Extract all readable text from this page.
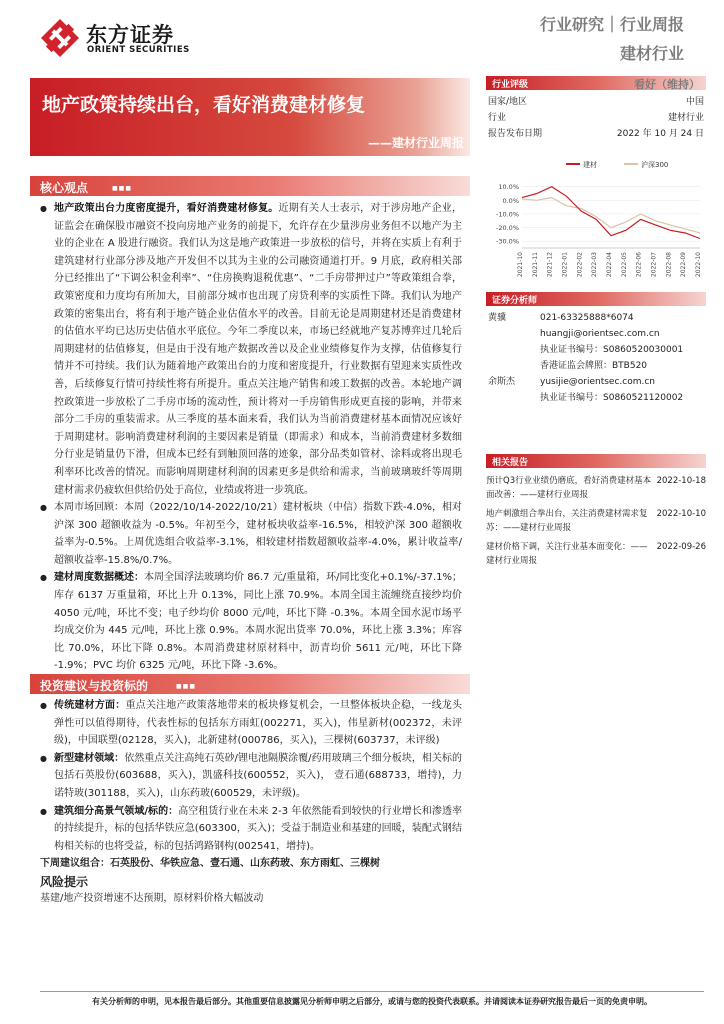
东方证券
ORIENT SECURITIES
行业研究｜行业周报
建材行业
地产政策持续出台，看好消费建材修复
——建材行业周报
核心观点	■■■
● 地产政策出台力度密度提升，看好消费建材修复。近期有关人士表示，对于涉房地产企业，证监会在确保股市融资不投向房地产业务的前提下，允许存在少量涉房业务但不以地产为主业的企业在 A 股进行融资。我们认为这是地产政策进一步放松的信号，并将在实质上有利于建筑建材行业部分涉及地产开发但不以其为主业的公司融资通道打开。9 月底，政府相关部分已经推出了“下调公积金利率”、“住房换购退税优惠”、“二手房带押过户”等政策组合拳，政策密度和力度均有所加大，目前部分城市也出现了房贷利率的实质性下降。我们认为地产政策的密集出台，将有利于地产链企业估值水平的改善。目前无论是周期建材还是消费建材的估值水平均已达历史估值水平底位。今年二季度以来，市场已经就地产复苏博弈过几轮后周期建材的估值修复，但是由于没有地产数据改善以及企业业绩修复作为支撑，估值修复行情并不可持续。我们认为随着地产政策出台的力度和密度提升，行业数据有望迎来实质性改善，后续修复行情可持续性将有所提升。重点关注地产销售和竣工数据的改善。本轮地产调控政策进一步放松了二手房市场的流动性，预计将对一手房销售形成更直接的影响，并带来部分二手房的重装需求。从三季度的基本面来看，我们认为当前消费建材基本面情况应该好于周期建材。影响消费建材利润的主要因素是销量（即需求）和成本，当前消费建材多数细分行业是销量仍下滑，但成本已经有到触顶回落的迹象，部分品类如管材、涂料或将出现毛利率环比改善的情况。而影响周期建材利润的因素更多是供给和需求，当前玻璃玻纤等周期建材需求仍疲软但供给仍处于高位，业绩或将进一步筑底。
● 本周市场回顾：本周（2022/10/14-2022/10/21）建材板块（中信）指数下跌-4.0%，相对沪深 300 超额收益为 -0.5%。年初至今，建材板块收益率-16.5%，相较沪深 300 超额收益率为-0.5%。上周优选组合收益率-3.1%，相较建材指数超额收益率-4.0%，累计收益率/超额收益率-15.8%/0.7%。
● 建材周度数据概述：本周全国浮法玻璃均价 86.7 元/重量箱，环/同比变化+0.1%/-37.1%；库存 6137 万重量箱，环比上升 0.13%，同比上涨 70.9%。本周全国主流缠绕直接纱均价 4050 元/吨，环比不变；电子纱均价 8000 元/吨，环比下降 -0.3%。本周全国水泥市场平均成交价为 445 元/吨，环比上涨 0.9%。本周水泥出货率 70.0%，环比上涨 3.3%；库容比 70.0%，环比下降 0.8%。本周消费建材原材料中，沥青均价 5611 元/吨，环比下降 -1.9%；PVC 均价 6325 元/吨，环比下降 -3.6%。
投资建议与投资标的	■■■
● 传统建材方面：重点关注地产政策落地带来的板块修复机会，一旦整体板块企稳，一线龙头弹性可以值得期待，代表性标的包括东方雨虹(002271，买入)，伟星新材(002372，未评级)，中国联塑(02128，买入)，北新建材(000786，买入)，三棵树(603737，未评级)
● 新型建材领域：依然重点关注高纯石英砂/锂电池隔膜涂覆/药用玻璃三个细分板块，相关标的包括石英股份(603688，买入)，凯盛科技(600552，买入)， 壹石通(688733，增持)，力诺特玻(301188，买入)，山东药玻(600529，未评级)。
● 建筑细分高景气领域/标的：高空租赁行业在未来 2-3 年依然能看到较快的行业增长和渗透率的持续提升，标的包括华铁应急(603300，买入)；受益于制造业和基建的回暖，装配式钢结构相关标的也将受益，标的包括鸿路钢构(002541，增持)。
下周建议组合：石英股份、华铁应急、壹石通、山东药玻、东方雨虹、三棵树
风险提示
基建/地产投资增速不达预期，原材料价格大幅波动
行业评级	看好（维持）
国家/地区	中国
行业	建材行业
报告发布日期	2022 年 10 月 24 日
建材	沪深300
10.0%
0.0%
-10.0%
-20.0%
-30.0%
2021-10 2021-11 2021-12 2022-01 2022-02 2022-03 2022-04 2022-05 2022-06 2022-07 2022-08 2022-09 2022-10
证券分析师
黄骥	021-63325888*6074
huangji@orientsec.com.cn
执业证书编号：S0860520030001
香港证监会牌照：BTB520
余斯杰	yusijie@orientsec.com.cn
执业证书编号：S0860521120002
相关报告
预计Q3行业业绩仍磨底，看好消费建材基本面改善：——建材行业周报
2022-10-18
地产刺激组合拳出台，关注消费建材需求复苏：——建材行业周报
2022-10-10
建材价格下调，关注行业基本面变化：——建材行业周报
2022-09-26
有关分析师的申明，见本报告最后部分。其他重要信息披露见分析师申明之后部分，或请与您的投资代表联系。并请阅读本证券研究报告最后一页的免责申明。
